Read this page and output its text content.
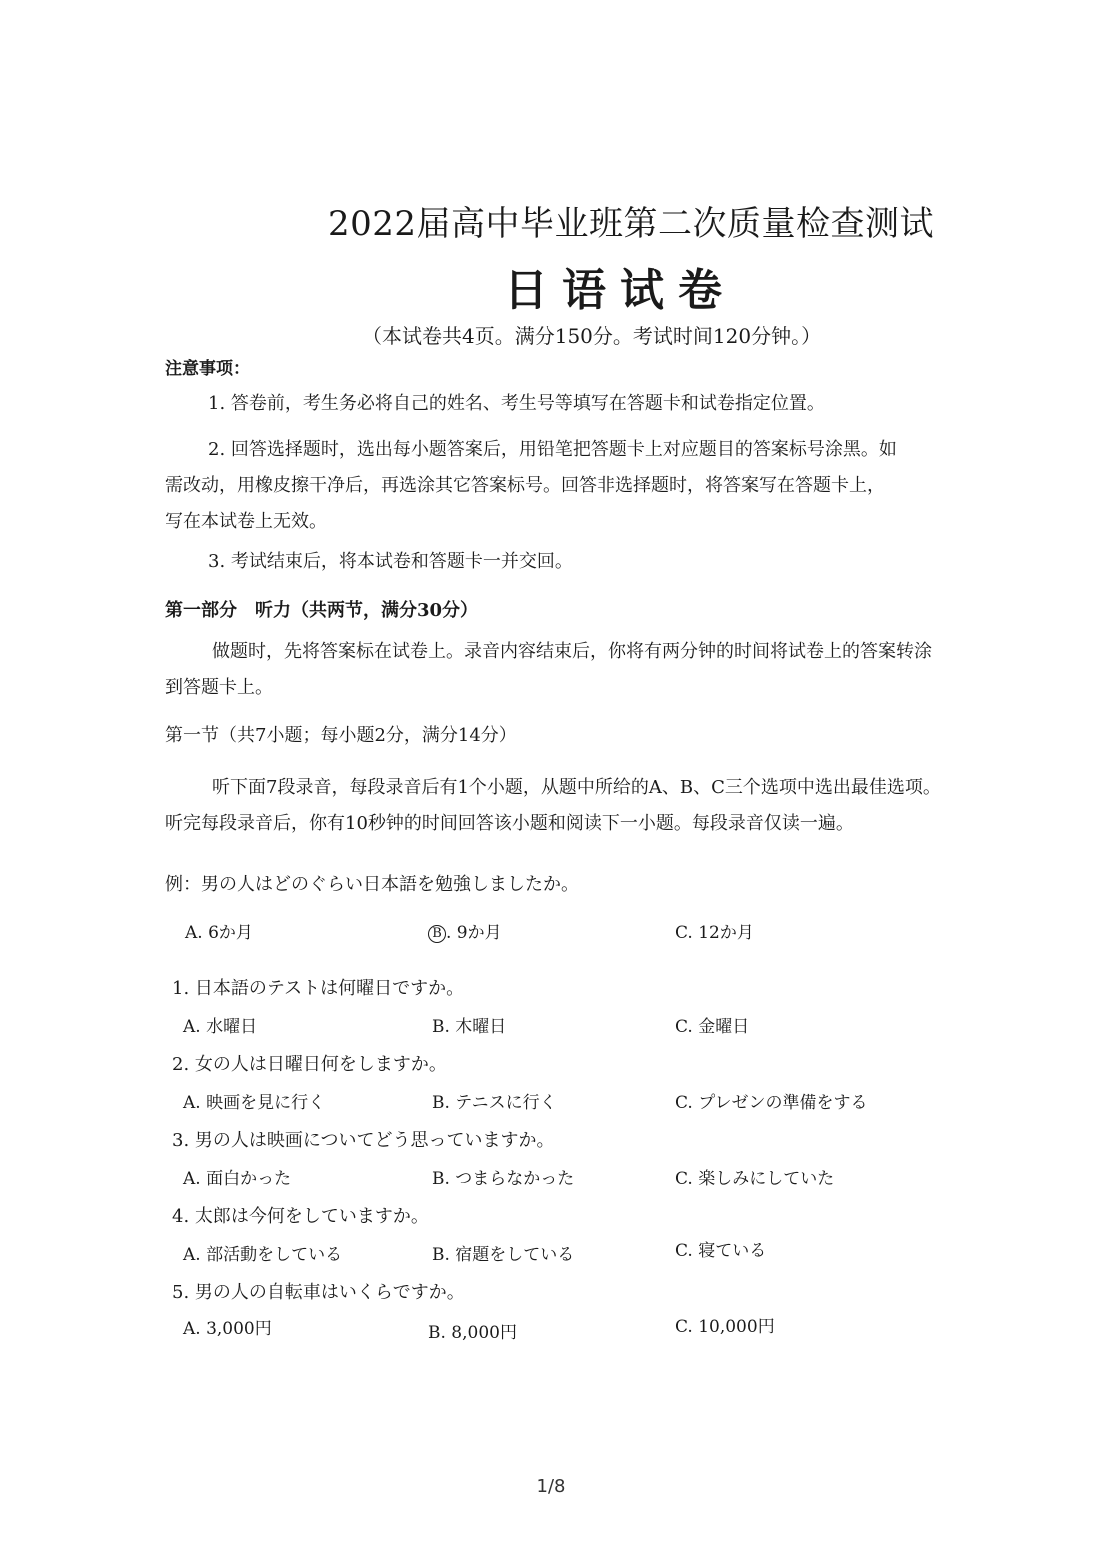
2022届高中毕业班第二次质量检查测试
日语试卷
（本试卷共4页。满分150分。考试时间120分钟。）
注意事项：
1. 答卷前，考生务必将自己的姓名、考生号等填写在答题卡和试卷指定位置。
2. 回答选择题时，选出每小题答案后，用铅笔把答题卡上对应题目的答案标号涂黑。如
需改动，用橡皮擦干净后，再选涂其它答案标号。回答非选择题时，将答案写在答题卡上，
写在本试卷上无效。
3. 考试结束后，将本试卷和答题卡一并交回。
第一部分　听力（共两节，满分30分）
做题时，先将答案标在试卷上。录音内容结束后，你将有两分钟的时间将试卷上的答案转涂
到答题卡上。
第一节（共7小题；每小题2分，满分14分）
听下面7段录音，每段录音后有1个小题，从题中所给的A、B、C三个选项中选出最佳选项。
听完每段录音后，你有10秒钟的时间回答该小题和阅读下一小题。每段录音仅读一遍。
例：男の人はどのぐらい日本語を勉強しましたか。
A. 6か月	B . 9か月	C. 12か月
1. 日本語のテストは何曜日ですか。
A. 水曜日	B. 木曜日	C. 金曜日
2. 女の人は日曜日何をしますか。
A. 映画を見に行く	B. テニスに行く	C. プレゼンの準備をする
3. 男の人は映画についてどう思っていますか。
A. 面白かった	B. つまらなかった	C. 楽しみにしていた
4. 太郎は今何をしていますか。
A. 部活動をしている	B. 宿題をしている	C. 寝ている
5. 男の人の自転車はいくらですか。
A. 3,000円	B. 8,000円	C. 10,000円
1/8
